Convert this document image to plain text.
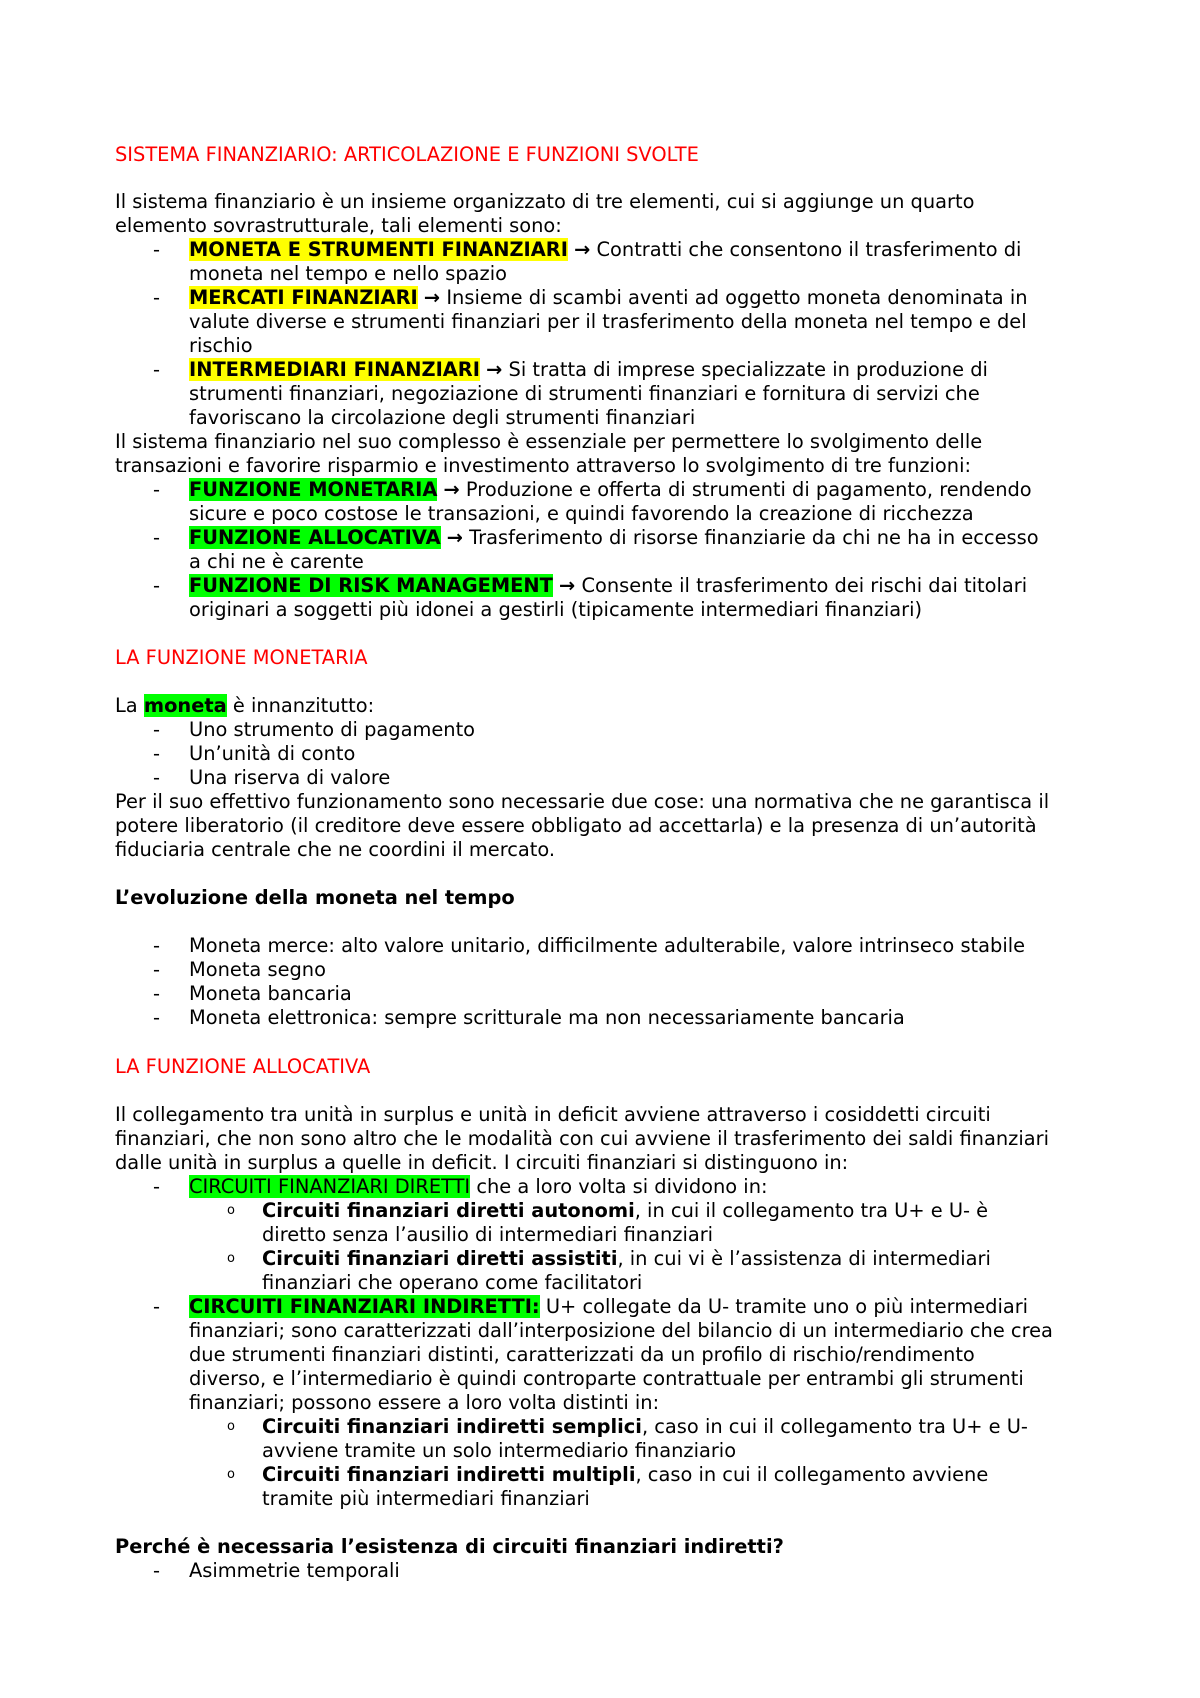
SISTEMA FINANZIARIO: ARTICOLAZIONE E FUNZIONI SVOLTE
Il sistema finanziario è un insieme organizzato di tre elementi, cui si aggiunge un quarto
elemento sovrastrutturale, tali elementi sono:
- MONETA E STRUMENTI FINANZIARI → Contratti che consentono il trasferimento di
moneta nel tempo e nello spazio
- MERCATI FINANZIARI → Insieme di scambi aventi ad oggetto moneta denominata in
valute diverse e strumenti finanziari per il trasferimento della moneta nel tempo e del
rischio
- INTERMEDIARI FINANZIARI → Si tratta di imprese specializzate in produzione di
strumenti finanziari, negoziazione di strumenti finanziari e fornitura di servizi che
favoriscano la circolazione degli strumenti finanziari
Il sistema finanziario nel suo complesso è essenziale per permettere lo svolgimento delle
transazioni e favorire risparmio e investimento attraverso lo svolgimento di tre funzioni:
- FUNZIONE MONETARIA → Produzione e offerta di strumenti di pagamento, rendendo
sicure e poco costose le transazioni, e quindi favorendo la creazione di ricchezza
- FUNZIONE ALLOCATIVA → Trasferimento di risorse finanziarie da chi ne ha in eccesso
a chi ne è carente
- FUNZIONE DI RISK MANAGEMENT → Consente il trasferimento dei rischi dai titolari
originari a soggetti più idonei a gestirli (tipicamente intermediari finanziari)
LA FUNZIONE MONETARIA
La moneta è innanzitutto:
- Uno strumento di pagamento
- Un’unità di conto
- Una riserva di valore
Per il suo effettivo funzionamento sono necessarie due cose: una normativa che ne garantisca il
potere liberatorio (il creditore deve essere obbligato ad accettarla) e la presenza di un’autorità
fiduciaria centrale che ne coordini il mercato.
L’evoluzione della moneta nel tempo
- Moneta merce: alto valore unitario, difficilmente adulterabile, valore intrinseco stabile
- Moneta segno
- Moneta bancaria
- Moneta elettronica: sempre scritturale ma non necessariamente bancaria
LA FUNZIONE ALLOCATIVA
Il collegamento tra unità in surplus e unità in deficit avviene attraverso i cosiddetti circuiti
finanziari, che non sono altro che le modalità con cui avviene il trasferimento dei saldi finanziari
dalle unità in surplus a quelle in deficit. I circuiti finanziari si distinguono in:
- CIRCUITI FINANZIARI DIRETTI che a loro volta si dividono in:
o Circuiti finanziari diretti autonomi, in cui il collegamento tra U+ e U- è
diretto senza l’ausilio di intermediari finanziari
o Circuiti finanziari diretti assistiti, in cui vi è l’assistenza di intermediari
finanziari che operano come facilitatori
- CIRCUITI FINANZIARI INDIRETTI: U+ collegate da U- tramite uno o più intermediari
finanziari; sono caratterizzati dall’interposizione del bilancio di un intermediario che crea
due strumenti finanziari distinti, caratterizzati da un profilo di rischio/rendimento
diverso, e l’intermediario è quindi controparte contrattuale per entrambi gli strumenti
finanziari; possono essere a loro volta distinti in:
o Circuiti finanziari indiretti semplici, caso in cui il collegamento tra U+ e U-
avviene tramite un solo intermediario finanziario
o Circuiti finanziari indiretti multipli, caso in cui il collegamento avviene
tramite più intermediari finanziari
Perché è necessaria l’esistenza di circuiti finanziari indiretti?
- Asimmetrie temporali
